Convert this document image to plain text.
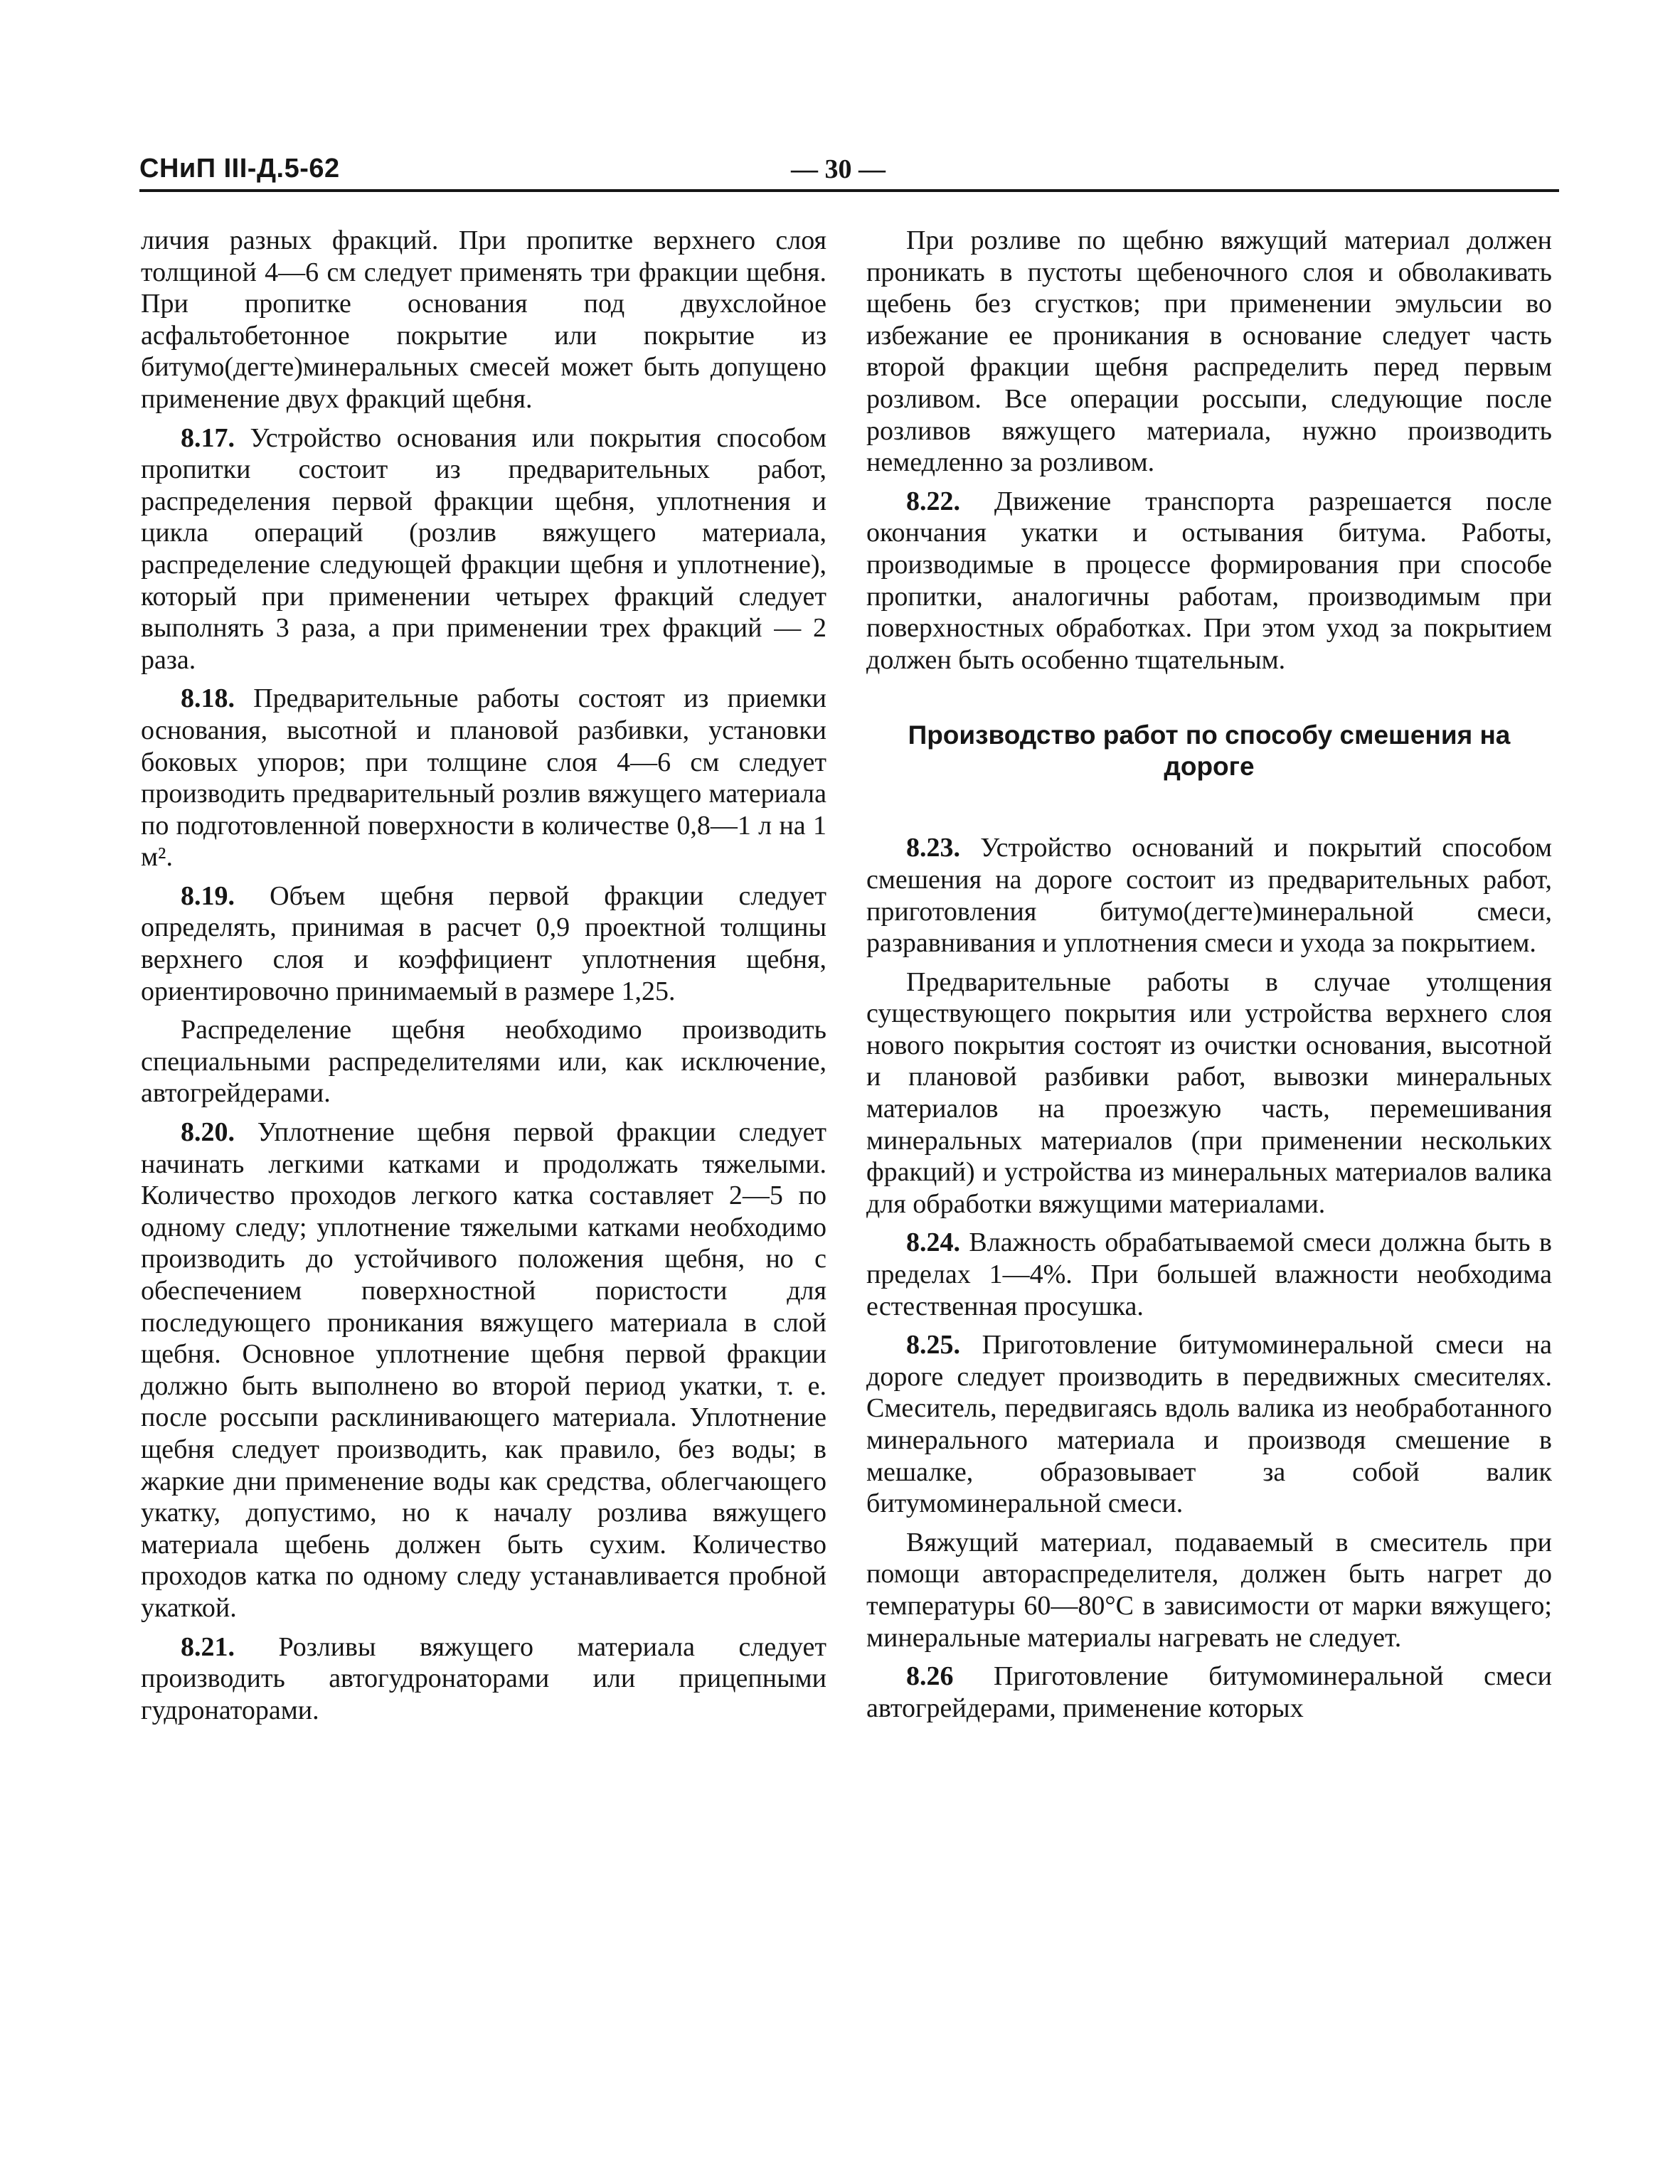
СНиП III-Д.5-62	— 30 —

личия разных фракций. При пропитке верхнего слоя толщиной 4—6 см следует применять три фракции щебня. При пропитке основания под двухслойное асфальтобетонное покрытие или покрытие из битумо(дегте)минеральных смесей может быть допущено применение двух фракций щебня.

8.17. Устройство основания или покрытия способом пропитки состоит из предварительных работ, распределения первой фракции щебня, уплотнения и цикла операций (розлив вяжущего материала, распределение следующей фракции щебня и уплотнение), который при применении четырех фракций следует выполнять 3 раза, а при применении трех фракций — 2 раза.

8.18. Предварительные работы состоят из приемки основания, высотной и плановой разбивки, установки боковых упоров; при толщине слоя 4—6 см следует производить предварительный розлив вяжущего материала по подготовленной поверхности в количестве 0,8—1 л на 1 м².

8.19. Объем щебня первой фракции следует определять, принимая в расчет 0,9 проектной толщины верхнего слоя и коэффициент уплотнения щебня, ориентировочно принимаемый в размере 1,25.

Распределение щебня необходимо производить специальными распределителями или, как исключение, автогрейдерами.

8.20. Уплотнение щебня первой фракции следует начинать легкими катками и продолжать тяжелыми. Количество проходов легкого катка составляет 2—5 по одному следу; уплотнение тяжелыми катками необходимо производить до устойчивого положения щебня, но с обеспечением поверхностной пористости для последующего проникания вяжущего материала в слой щебня. Основное уплотнение щебня первой фракции должно быть выполнено во второй период укатки, т. е. после россыпи расклинивающего материала. Уплотнение щебня следует производить, как правило, без воды; в жаркие дни применение воды как средства, облегчающего укатку, допустимо, но к началу розлива вяжущего материала щебень должен быть сухим. Количество проходов катка по одному следу устанавливается пробной укаткой.

8.21. Розливы вяжущего материала следует производить автогудронаторами или прицепными гудронаторами.

При розливе по щебню вяжущий материал должен проникать в пустоты щебеночного слоя и обволакивать щебень без сгустков; при применении эмульсии во избежание ее проникания в основание следует часть второй фракции щебня распределить перед первым розливом. Все операции россыпи, следующие после розливов вяжущего материала, нужно производить немедленно за розливом.

8.22. Движение транспорта разрешается после окончания укатки и остывания битума. Работы, производимые в процессе формирования при способе пропитки, аналогичны работам, производимым при поверхностных обработках. При этом уход за покрытием должен быть особенно тщательным.

Производство работ по способу смешения на дороге

8.23. Устройство оснований и покрытий способом смешения на дороге состоит из предварительных работ, приготовления битумо(дегте)минеральной смеси, разравнивания и уплотнения смеси и ухода за покрытием.

Предварительные работы в случае утолщения существующего покрытия или устройства верхнего слоя нового покрытия состоят из очистки основания, высотной и плановой разбивки работ, вывозки минеральных материалов на проезжую часть, перемешивания минеральных материалов (при применении нескольких фракций) и устройства из минеральных материалов валика для обработки вяжущими материалами.

8.24. Влажность обрабатываемой смеси должна быть в пределах 1—4%. При большей влажности необходима естественная просушка.

8.25. Приготовление битумоминеральной смеси на дороге следует производить в передвижных смесителях. Смеситель, передвигаясь вдоль валика из необработанного минерального материала и производя смешение в мешалке, образовывает за собой валик битумоминеральной смеси.

Вяжущий материал, подаваемый в смеситель при помощи автораспределителя, должен быть нагрет до температуры 60—80°С в зависимости от марки вяжущего; минеральные материалы нагревать не следует.

8.26 Приготовление битумоминеральной смеси автогрейдерами, применение которых
